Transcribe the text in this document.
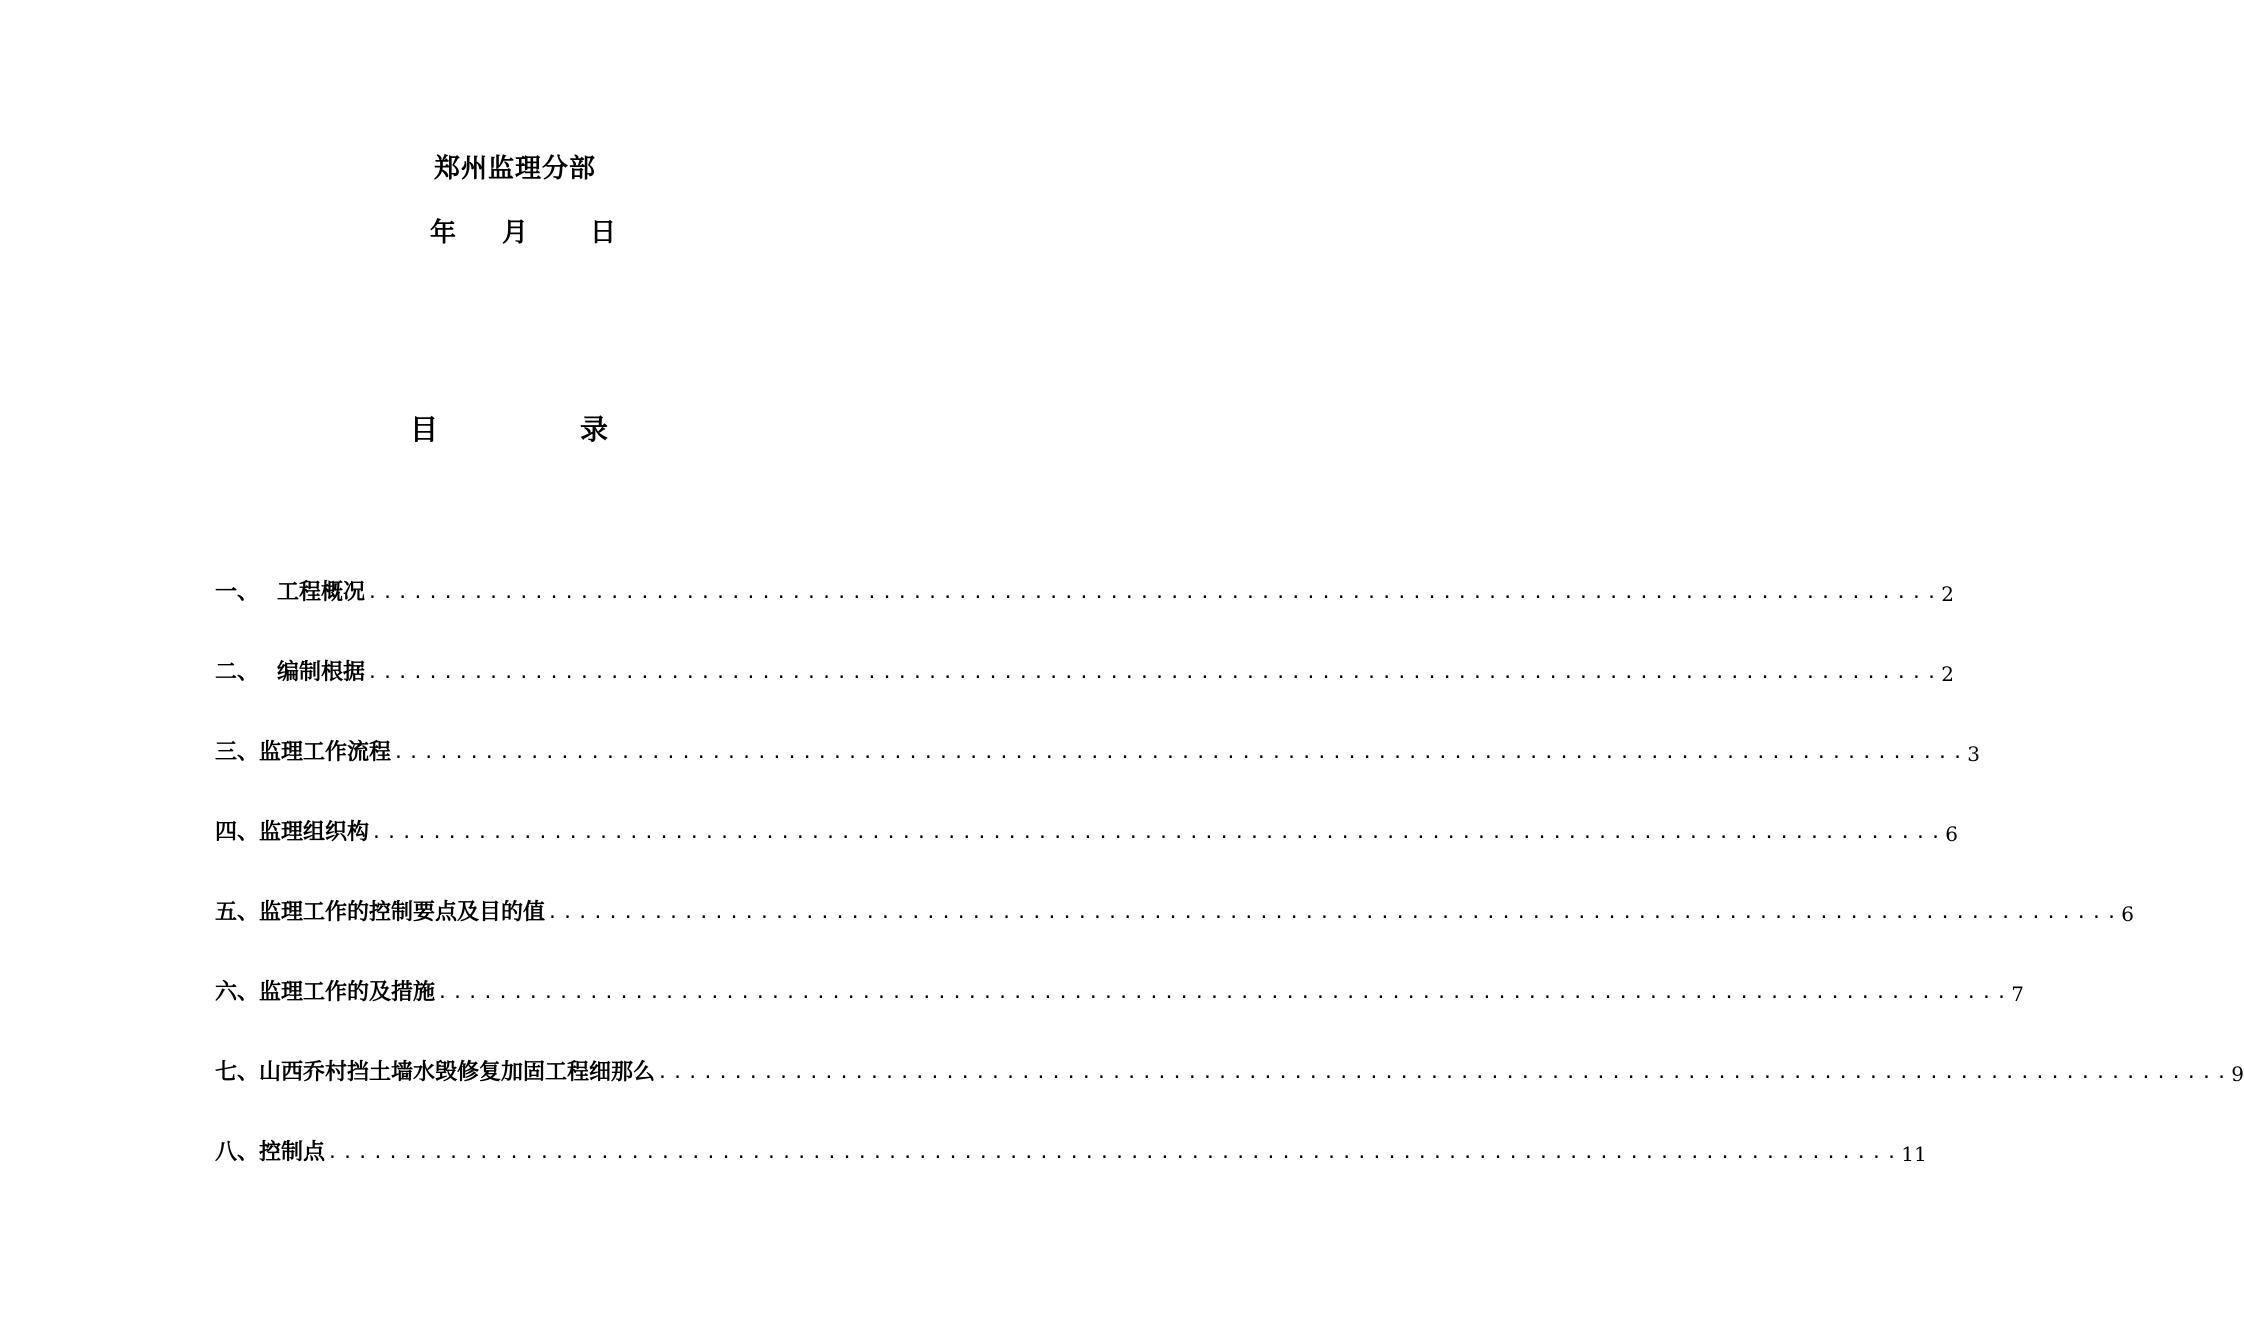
郑州监理分部
年 月 日
目	录
一、 工程概况 ........................................................................................................ 2
二、 编制根据 ........................................................................................................ 2
三、 监理工作流程 ........................................................................................................ 3
四、 监理组织构 ........................................................................................................ 6
五、 监理工作的控制要点及目的值 ........................................................................................................ 6
六、 监理工作的及措施 ........................................................................................................ 7
七、 山西乔村挡土墙水毁修复加固工程细那么 ........................................................................................................ 9
八、 控制点 ........................................................................................................ 11
